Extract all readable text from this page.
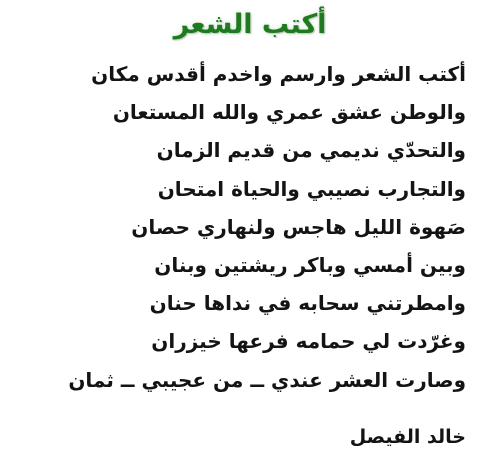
أكتب الشعر
أكتب الشعر وارسم واخدم أقدس مكان
والوطن عشق عمري والله المستعان
والتحدّي نديمي من قديم الزمان
والتجارب نصيبي والحياة امتحان
صَهوة الليل هاجس ولنهاري حصان
وبين أمسي وباكر ريشتين وبنان
وامطرتني سحابه في نداها حنان
وغرّدت لي حمامه فرعها خيزران
وصارت العشر عندي ــ من عجيبي ــ ثمان
خالد الفيصل
